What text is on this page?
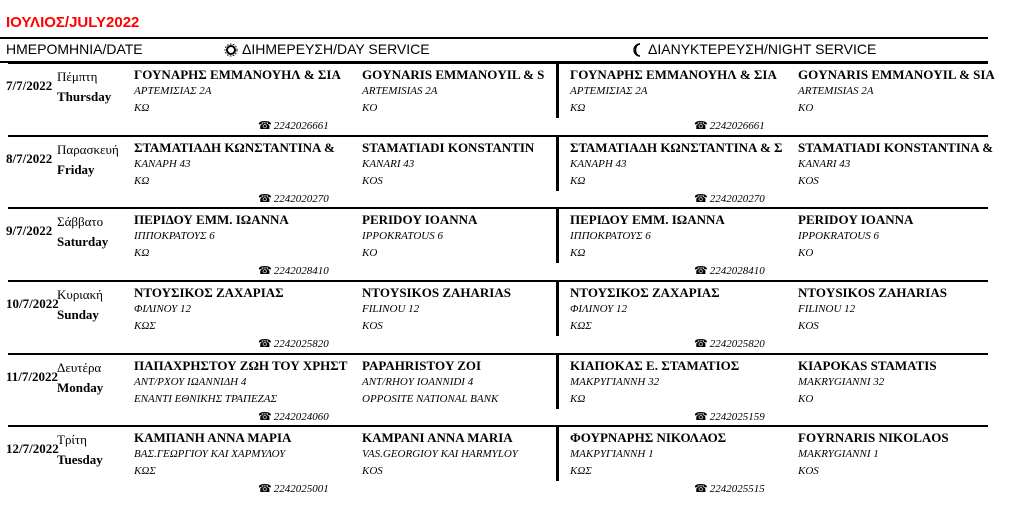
ΙΟΥΛΙΟΣ/JULY2022
ΗΜΕΡΟΜΗΝΙΑ/DATE	ΔΙΗΜΕΡΕΥΣΗ/DAY SERVICE	ΔΙΑΝΥΚΤΕΡΕΥΣΗ/NIGHT SERVICE
7/7/2022
Πέμπτη
Thursday
ΓΟΥΝΑΡΗΣ ΕΜΜΑΝΟΥΗΛ & ΣΙΑ
ΑΡΤΕΜΙΣΙΑΣ 2Α
ΚΩ
☎ 2242026661
GOYNARIS EMMANOYIL & S
ARTEMISIAS 2A
KO
ΓΟΥΝΑΡΗΣ ΕΜΜΑΝΟΥΗΛ & ΣΙΑ
ΑΡΤΕΜΙΣΙΑΣ 2Α
ΚΩ
☎ 2242026661
GOYNARIS EMMANOYIL & SIA
ARTEMISIAS 2A
KO
8/7/2022
Παρασκευή
Friday
ΣΤΑΜΑΤΙΑΔΗ ΚΩΝΣΤΑΝΤΙΝΑ &
ΚΑΝΑΡΗ 43
ΚΩ
☎ 2242020270
STAMATIADI KONSTANTIN
KANARI 43
KOS
ΣΤΑΜΑΤΙΑΔΗ ΚΩΝΣΤΑΝΤΙΝΑ & Σ
ΚΑΝΑΡΗ 43
ΚΩ
☎ 2242020270
STAMATIADI KONSTANTINA &
KANARI 43
KOS
9/7/2022
Σάββατο
Saturday
ΠΕΡΙΔΟΥ ΕΜΜ. ΙΩΑΝΝΑ
ΙΠΠΟΚΡΑΤΟΥΣ 6
ΚΩ
☎ 2242028410
PERIDOY IOANNA
IPPOKRATOUS 6
KO
ΠΕΡΙΔΟΥ ΕΜΜ. ΙΩΑΝΝΑ
ΙΠΠΟΚΡΑΤΟΥΣ 6
ΚΩ
☎ 2242028410
PERIDOY IOANNA
IPPOKRATOUS 6
KO
10/7/2022
Κυριακή
Sunday
ΝΤΟΥΣΙΚΟΣ ΖΑΧΑΡΙΑΣ
ΦΙΛΙΝΟΥ 12
ΚΩΣ
☎ 2242025820
NTOYSIKOS ZAHARIAS
FILINOU 12
KOS
ΝΤΟΥΣΙΚΟΣ ΖΑΧΑΡΙΑΣ
ΦΙΛΙΝΟΥ 12
ΚΩΣ
☎ 2242025820
NTOYSIKOS ZAHARIAS
FILINOU 12
KOS
11/7/2022
Δευτέρα
Monday
ΠΑΠΑΧΡΗΣΤΟΥ ΖΩΗ ΤΟΥ ΧΡΗΣΤ
ΑΝΤ/ΡΧΟΥ ΙΩΑΝΝΙΔΗ 4
ΕΝΑΝΤΙ ΕΘΝΙΚΗΣ ΤΡΑΠΕΖΑΣ
☎ 2242024060
PAPAHRISTOY ZOI
ANT/RHOY IOANNIDI 4
OPPOSITE NATIONAL BANK
ΚΙΑΠΟΚΑΣ Ε. ΣΤΑΜΑΤΙΟΣ
ΜΑΚΡΥΓΙΑΝΝΗ 32
ΚΩ
☎ 2242025159
KIAPOKAS STAMATIS
MAKRYGIANNI 32
KO
12/7/2022
Τρίτη
Tuesday
ΚΑΜΠΑΝΗ ΑΝΝΑ ΜΑΡΙΑ
ΒΑΣ.ΓΕΩΡΓΙΟΥ ΚΑΙ ΧΑΡΜΥΛΟΥ
ΚΩΣ
☎ 2242025001
KAMPANI ANNA MARIA
VAS.GEORGIOY KAI HARMYLOY
KOS
ΦΟΥΡΝΑΡΗΣ ΝΙΚΟΛΑΟΣ
ΜΑΚΡΥΓΙΑΝΝΗ 1
ΚΩΣ
☎ 2242025515
FOYRNARIS NIKOLAOS
MAKRYGIANNI 1
KOS
